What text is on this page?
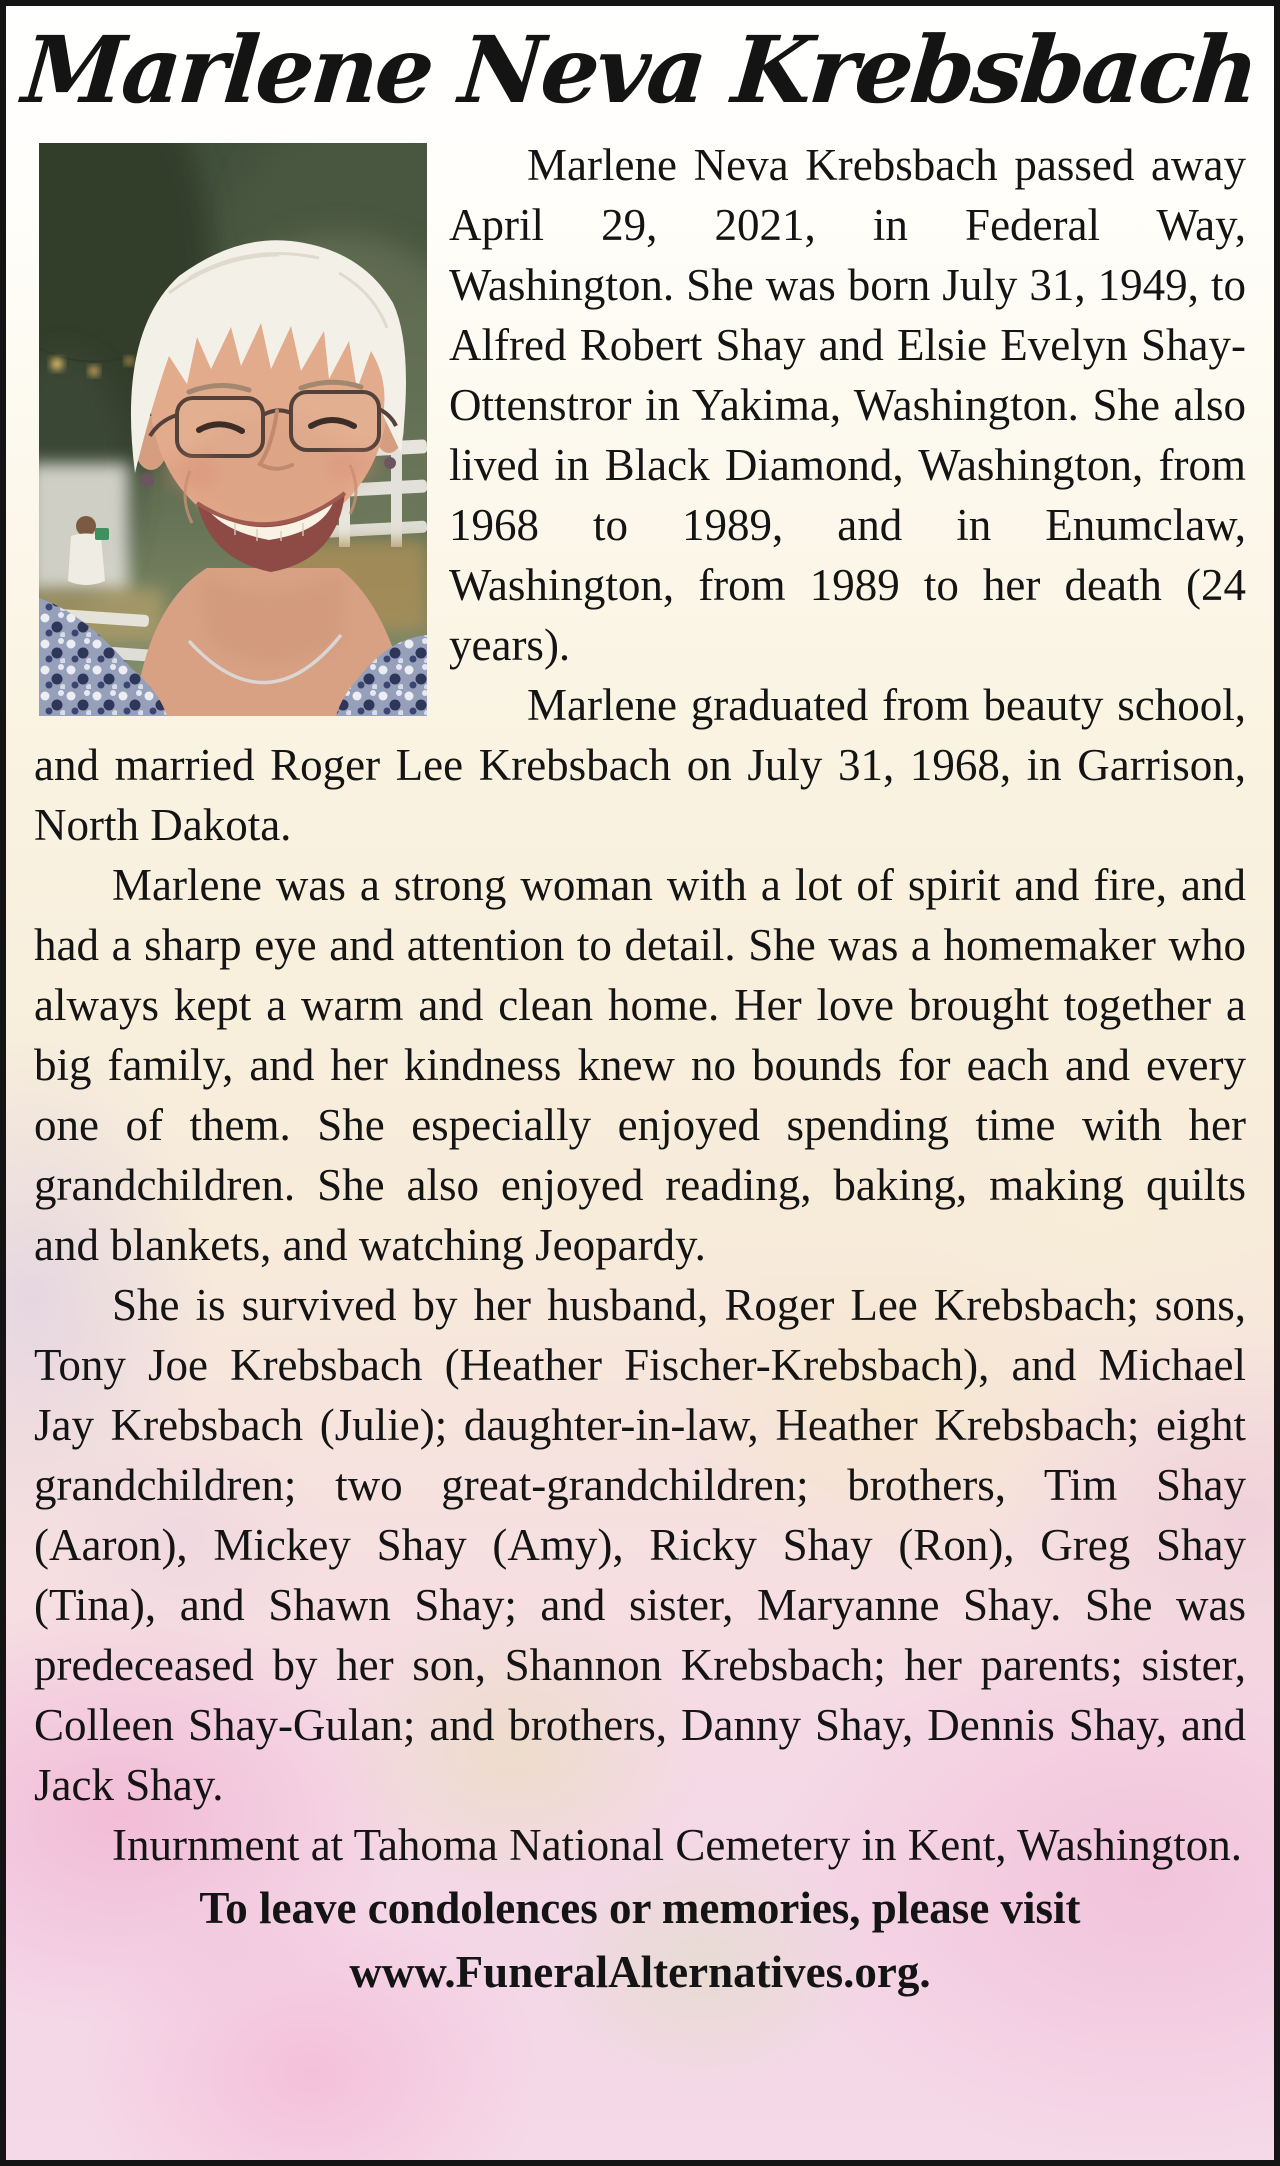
Marlene Neva Krebsbach

Marlene Neva Krebsbach passed away April 29, 2021, in Federal Way, Washington. She was born July 31, 1949, to Alfred Robert Shay and Elsie Evelyn Shay-Ottenstror in Yakima, Washington. She also lived in Black Diamond, Washington, from 1968 to 1989, and in Enumclaw, Washington, from 1989 to her death (24 years).

Marlene graduated from beauty school, and married Roger Lee Krebsbach on July 31, 1968, in Garrison, North Dakota.

Marlene was a strong woman with a lot of spirit and fire, and had a sharp eye and attention to detail. She was a homemaker who always kept a warm and clean home. Her love brought together a big family, and her kindness knew no bounds for each and every one of them. She especially enjoyed spending time with her grandchildren. She also enjoyed reading, baking, making quilts and blankets, and watching Jeopardy.

She is survived by her husband, Roger Lee Krebsbach; sons, Tony Joe Krebsbach (Heather Fischer-Krebsbach), and Michael Jay Krebsbach (Julie); daughter-in-law, Heather Krebsbach; eight grandchildren; two great-grandchildren; brothers, Tim Shay (Aaron), Mickey Shay (Amy), Ricky Shay (Ron), Greg Shay (Tina), and Shawn Shay; and sister, Maryanne Shay. She was predeceased by her son, Shannon Krebsbach; her parents; sister, Colleen Shay-Gulan; and brothers, Danny Shay, Dennis Shay, and Jack Shay.

Inurnment at Tahoma National Cemetery in Kent, Washington.

To leave condolences or memories, please visit

www.FuneralAlternatives.org.
